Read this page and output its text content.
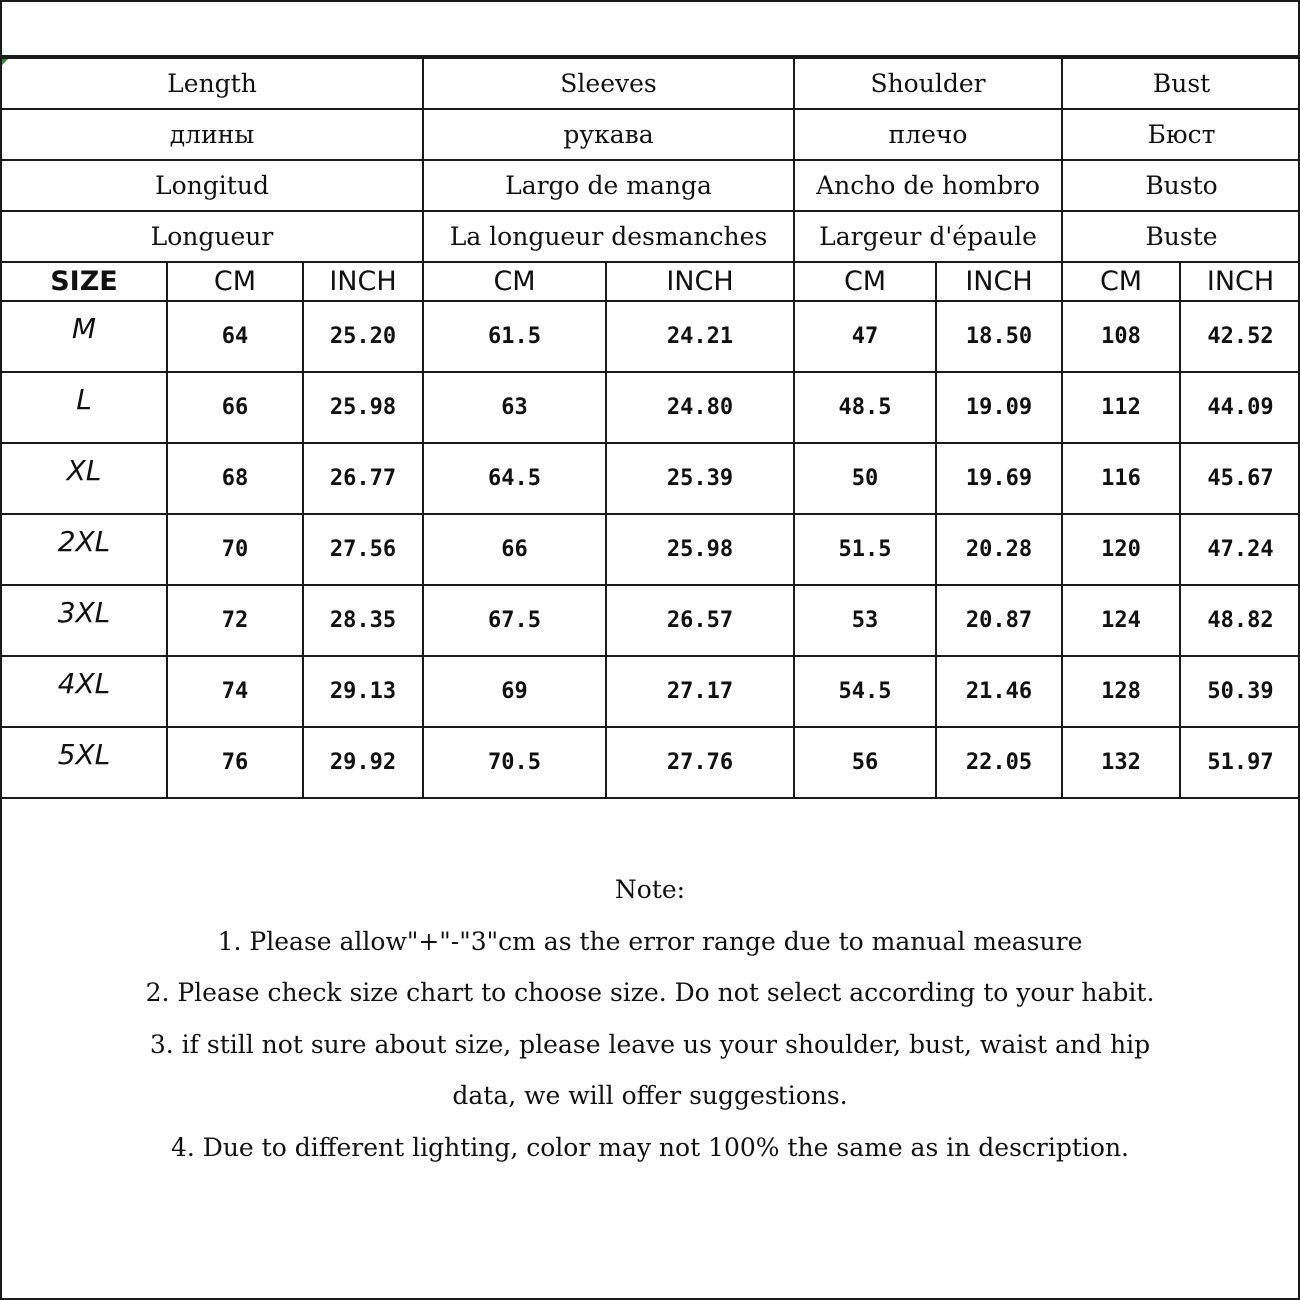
Length			Sleeves		Shoulder		Bust	
длины			рукава		плечо		Бюст	
Longitud			Largo de manga		Ancho de hombro		Busto	
Longueur			La longueur desmanches		Largeur d'épaule		Buste	
SIZE	CM	INCH	CM	INCH	CM	INCH	CM	INCH
M	64	25.20	61.5	24.21	47	18.50	108	42.52
L	66	25.98	63	24.80	48.5	19.09	112	44.09
XL	68	26.77	64.5	25.39	50	19.69	116	45.67
2XL	70	27.56	66	25.98	51.5	20.28	120	47.24
3XL	72	28.35	67.5	26.57	53	20.87	124	48.82
4XL	74	29.13	69	27.17	54.5	21.46	128	50.39
5XL	76	29.92	70.5	27.76	56	22.05	132	51.97
Note:
1. Please allow"+"-"3"cm as the error range due to manual measure
2. Please check size chart to choose size. Do not select according to your habit.
3. if still not sure about size, please leave us your shoulder, bust, waist and hip
data, we will offer suggestions.
4. Due to different lighting, color may not 100% the same as in description.
